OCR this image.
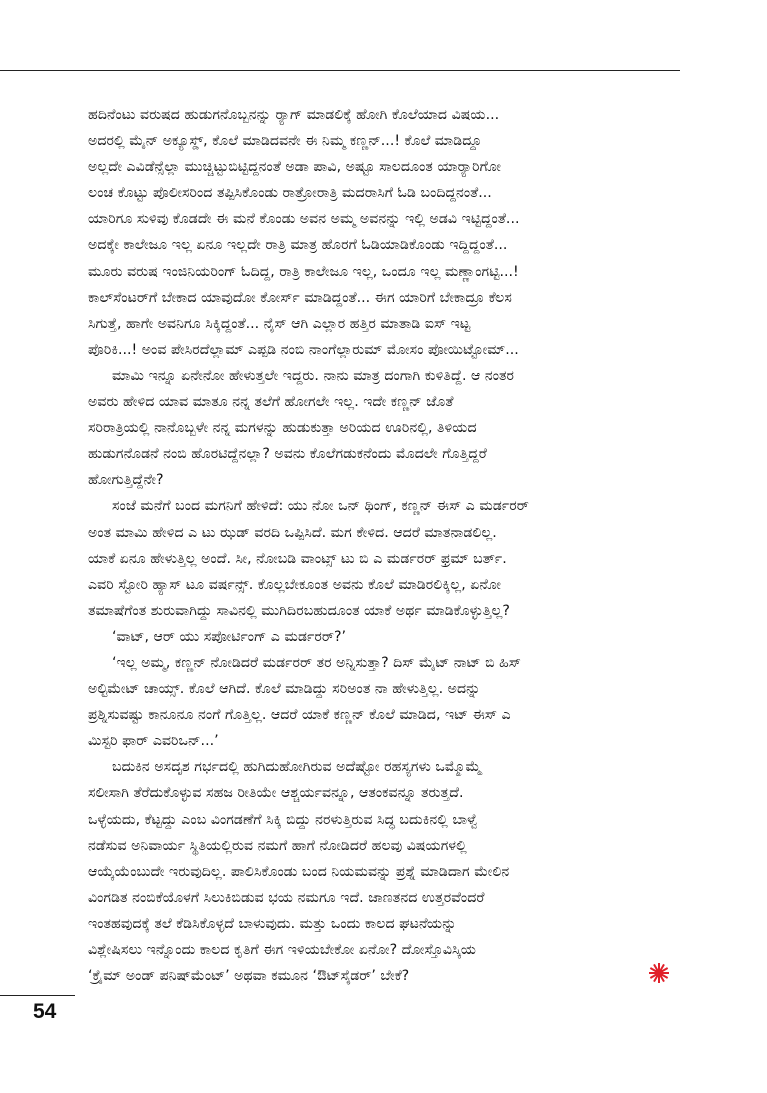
ಹದಿನೆಂಟು ವರುಷದ ಹುಡುಗನೊಬ್ಬನನ್ನು ರ‍್ಯಾಗ್ ಮಾಡಲಿಕ್ಕೆ ಹೋಗಿ ಕೊಲೆಯಾದ ವಿಷಯ...
ಅದರಲ್ಲಿ ಮೈನ್ ಅಕ್ಯೂಸ್ಡ್, ಕೊಲೆ ಮಾಡಿದವನೇ ಈ ನಿಮ್ಮ ಕಣ್ಣನ್...! ಕೊಲೆ ಮಾಡಿದ್ದೂ
ಅಲ್ಲದೇ ಎವಿಡೆನ್ಸೆಲ್ಲಾ ಮುಚ್ಚಿಟ್ಟುಬಿಟ್ಟಿದ್ದನಂತೆ ಅಡಾ ಪಾವಿ, ಅಷ್ಟೂ ಸಾಲದೂಂತ ಯಾರ‍್ಯಾರಿಗೋ
ಲಂಚ ಕೊಟ್ಟು ಪೊಲೀಸರಿಂದ ತಪ್ಪಿಸಿಕೊಂಡು ರಾತ್ರೋರಾತ್ರಿ ಮದರಾಸಿಗೆ ಓಡಿ ಬಂದಿದ್ದನಂತೆ...
ಯಾರಿಗೂ ಸುಳಿವು ಕೊಡದೇ ಈ ಮನೆ ಕೊಂಡು ಅವನ ಅಮ್ಮ ಅವನನ್ನು ಇಲ್ಲಿ ಅಡವಿ ಇಟ್ಟಿದ್ದಂತೆ...
ಅದಕ್ಕೇ ಕಾಲೇಜೂ ಇಲ್ಲ ಏನೂ ಇಲ್ಲದೇ ರಾತ್ರಿ ಮಾತ್ರ ಹೊರಗೆ ಓಡಿಯಾಡಿಕೊಂಡು ಇದ್ದಿದ್ದಂತೆ...
ಮೂರು ವರುಷ ಇಂಜಿನಿಯರಿಂಗ್ ಓದಿದ್ದ, ರಾತ್ರಿ ಕಾಲೇಜೂ ಇಲ್ಲ, ಒಂದೂ ಇಲ್ಲ ಮಣ್ಣಾಂಗಟ್ಟಿ...!
ಕಾಲ್‌ಸೆಂಟರ್‌ಗೆ ಬೇಕಾದ ಯಾವುದೋ ಕೋರ್ಸ್ ಮಾಡಿದ್ದಂತೆ... ಈಗ ಯಾರಿಗೆ ಬೇಕಾದ್ರೂ ಕೆಲಸ
ಸಿಗುತ್ತೆ, ಹಾಗೇ ಅವನಿಗೂ ಸಿಕ್ಕಿದ್ದಂತೆ... ನೈಸ್ ಆಗಿ ಎಲ್ಲಾರ ಹತ್ತಿರ ಮಾತಾಡಿ ಐಸ್ ಇಟ್ಟ
ಪೊರಿಕಿ...! ಅಂವ ಪೇಸಿರದೆಲ್ಲಾಮ್ ಎಪ್ಪಡಿ ನಂಬಿ ನಾಂಗೆಲ್ಲಾರುಮ್ ಮೋಸಂ ಪೋಯಿಟ್ಟೋಮ್...
ಮಾಮಿ ಇನ್ನೂ ಏನೇನೋ ಹೇಳುತ್ತಲೇ ಇದ್ದರು. ನಾನು ಮಾತ್ರ ದಂಗಾಗಿ ಕುಳಿತಿದ್ದೆ. ಆ ನಂತರ
ಅವರು ಹೇಳಿದ ಯಾವ ಮಾತೂ ನನ್ನ ತಲೆಗೆ ಹೋಗಲೇ ಇಲ್ಲ. ಇದೇ ಕಣ್ಣನ್ ಜೊತೆ
ಸರಿರಾತ್ರಿಯಲ್ಲಿ ನಾನೊಬ್ಬಳೇ ನನ್ನ ಮಗಳನ್ನು ಹುಡುಕುತ್ತಾ ಅರಿಯದ ಊರಿನಲ್ಲಿ, ತಿಳಿಯದ
ಹುಡುಗನೊಡನೆ ನಂಬಿ ಹೊರಟಿದ್ದೆನಲ್ಲಾ? ಅವನು ಕೊಲೆಗಡುಕನೆಂದು ಮೊದಲೇ ಗೊತ್ತಿದ್ದರೆ
ಹೋಗುತ್ತಿದ್ದೆನೇ?
ಸಂಜೆ ಮನೆಗೆ ಬಂದ ಮಗನಿಗೆ ಹೇಳಿದೆ: ಯು ನೋ ಒನ್ ಥಿಂಗ್, ಕಣ್ಣನ್ ಈಸ್ ಎ ಮರ್ಡರರ್
ಅಂತ ಮಾಮಿ ಹೇಳಿದ ಎ ಟು ಝಡ್ ವರದಿ ಒಪ್ಪಿಸಿದೆ. ಮಗ ಕೇಳಿದ. ಆದರೆ ಮಾತನಾಡಲಿಲ್ಲ.
ಯಾಕೆ ಏನೂ ಹೇಳುತ್ತಿಲ್ಲ ಅಂದೆ. ಸೀ, ನೋಬಡಿ ವಾಂಟ್ಸ್ ಟು ಬಿ ಎ ಮರ್ಡರರ್ ಫ್ರಮ್ ಬರ್ತ್.
ಎವರಿ ಸ್ಟೋರಿ ಹ್ಯಾಸ್ ಟೂ ವರ್ಷನ್ಸ್. ಕೊಲ್ಲಬೇಕೂಂತ ಅವನು ಕೊಲೆ ಮಾಡಿರಲಿಕ್ಕಿಲ್ಲ, ಏನೋ
ತಮಾಷೆಗೆಂತ ಶುರುವಾಗಿದ್ದು ಸಾವಿನಲ್ಲಿ ಮುಗಿದಿರಬಹುದೂಂತ ಯಾಕೆ ಅರ್ಥ ಮಾಡಿಕೊಳ್ಳುತ್ತಿಲ್ಲ?
‘ವಾಟ್, ಆರ್ ಯು ಸಪೋರ್ಟಿಂಗ್ ಎ ಮರ್ಡರರ್?’
‘ಇಲ್ಲ ಅಮ್ಮ, ಕಣ್ಣನ್ ನೋಡಿದರೆ ಮರ್ಡರರ್ ತರ ಅನ್ನಿಸುತ್ತಾ? ದಿಸ್ ಮೈಟ್ ನಾಟ್ ಬಿ ಹಿಸ್
ಅಲ್ಟಿಮೇಟ್ ಚಾಯ್ಸ್. ಕೊಲೆ ಆಗಿದೆ. ಕೊಲೆ ಮಾಡಿದ್ದು ಸರಿಅಂತ ನಾ ಹೇಳುತ್ತಿಲ್ಲ. ಅದನ್ನು
ಪ್ರಶ್ನಿಸುವಷ್ಟು ಕಾನೂನೂ ನಂಗೆ ಗೊತ್ತಿಲ್ಲ. ಆದರೆ ಯಾಕೆ ಕಣ್ಣನ್ ಕೊಲೆ ಮಾಡಿದ, ಇಟ್ ಈಸ್ ಎ
ಮಿಸ್ಟರಿ ಫಾರ್ ಎವರಿಒನ್...’
ಬದುಕಿನ ಅಸದೃಶ ಗರ್ಭದಲ್ಲಿ ಹುಗಿದುಹೋಗಿರುವ ಅದೆಷ್ಟೋ ರಹಸ್ಯಗಳು ಒಮ್ಮೊಮ್ಮೆ
ಸಲೀಸಾಗಿ ತೆರೆದುಕೊಳ್ಳುವ ಸಹಜ ರೀತಿಯೇ ಆಶ್ಚರ್ಯವನ್ನೂ, ಆತಂಕವನ್ನೂ ತರುತ್ತದೆ.
ಒಳ್ಳೆಯದು, ಕೆಟ್ಟದ್ದು ಎಂಬ ವಿಂಗಡಣೆಗೆ ಸಿಕ್ಕಿ ಬಿದ್ದು ನರಳುತ್ತಿರುವ ಸಿದ್ಧ ಬದುಕಿನಲ್ಲಿ ಬಾಳ್ವೆ
ನಡೆಸುವ ಅನಿವಾರ್ಯ ಸ್ಥಿತಿಯಲ್ಲಿರುವ ನಮಗೆ ಹಾಗೆ ನೋಡಿದರೆ ಹಲವು ವಿಷಯಗಳಲ್ಲಿ
ಆಯ್ಕೆಯೆಂಬುದೇ ಇರುವುದಿಲ್ಲ. ಪಾಲಿಸಿಕೊಂಡು ಬಂದ ನಿಯಮವನ್ನು ಪ್ರಶ್ನೆ ಮಾಡಿದಾಗ ಮೇಲಿನ
ವಿಂಗಡಿತ ನಂಬಿಕೆಯೊಳಗೆ ಸಿಲುಕಿಬಿಡುವ ಭಯ ನಮಗೂ ಇದೆ. ಜಾಣತನದ ಉತ್ತರವೆಂದರೆ
ಇಂತಹವುದಕ್ಕೆ ತಲೆ ಕೆಡಿಸಿಕೊಳ್ಳದೆ ಬಾಳುವುದು. ಮತ್ತು ಒಂದು ಕಾಲದ ಘಟನೆಯನ್ನು
ವಿಶ್ಲೇಷಿಸಲು ಇನ್ನೊಂದು ಕಾಲದ ಕೃತಿಗೆ ಈಗ ಇಳಿಯಬೇಕೋ ಏನೋ? ದೋಸ್ತೊವಿಸ್ಕಿಯ
‘ಕ್ರೈಮ್ ಅಂಡ್ ಪನಿಷ್‌ಮೆಂಟ್’ ಅಥವಾ ಕಮೂನ ‘ಔಟ್‌ಸೈಡರ್’ ಬೇಕೆ?
54
